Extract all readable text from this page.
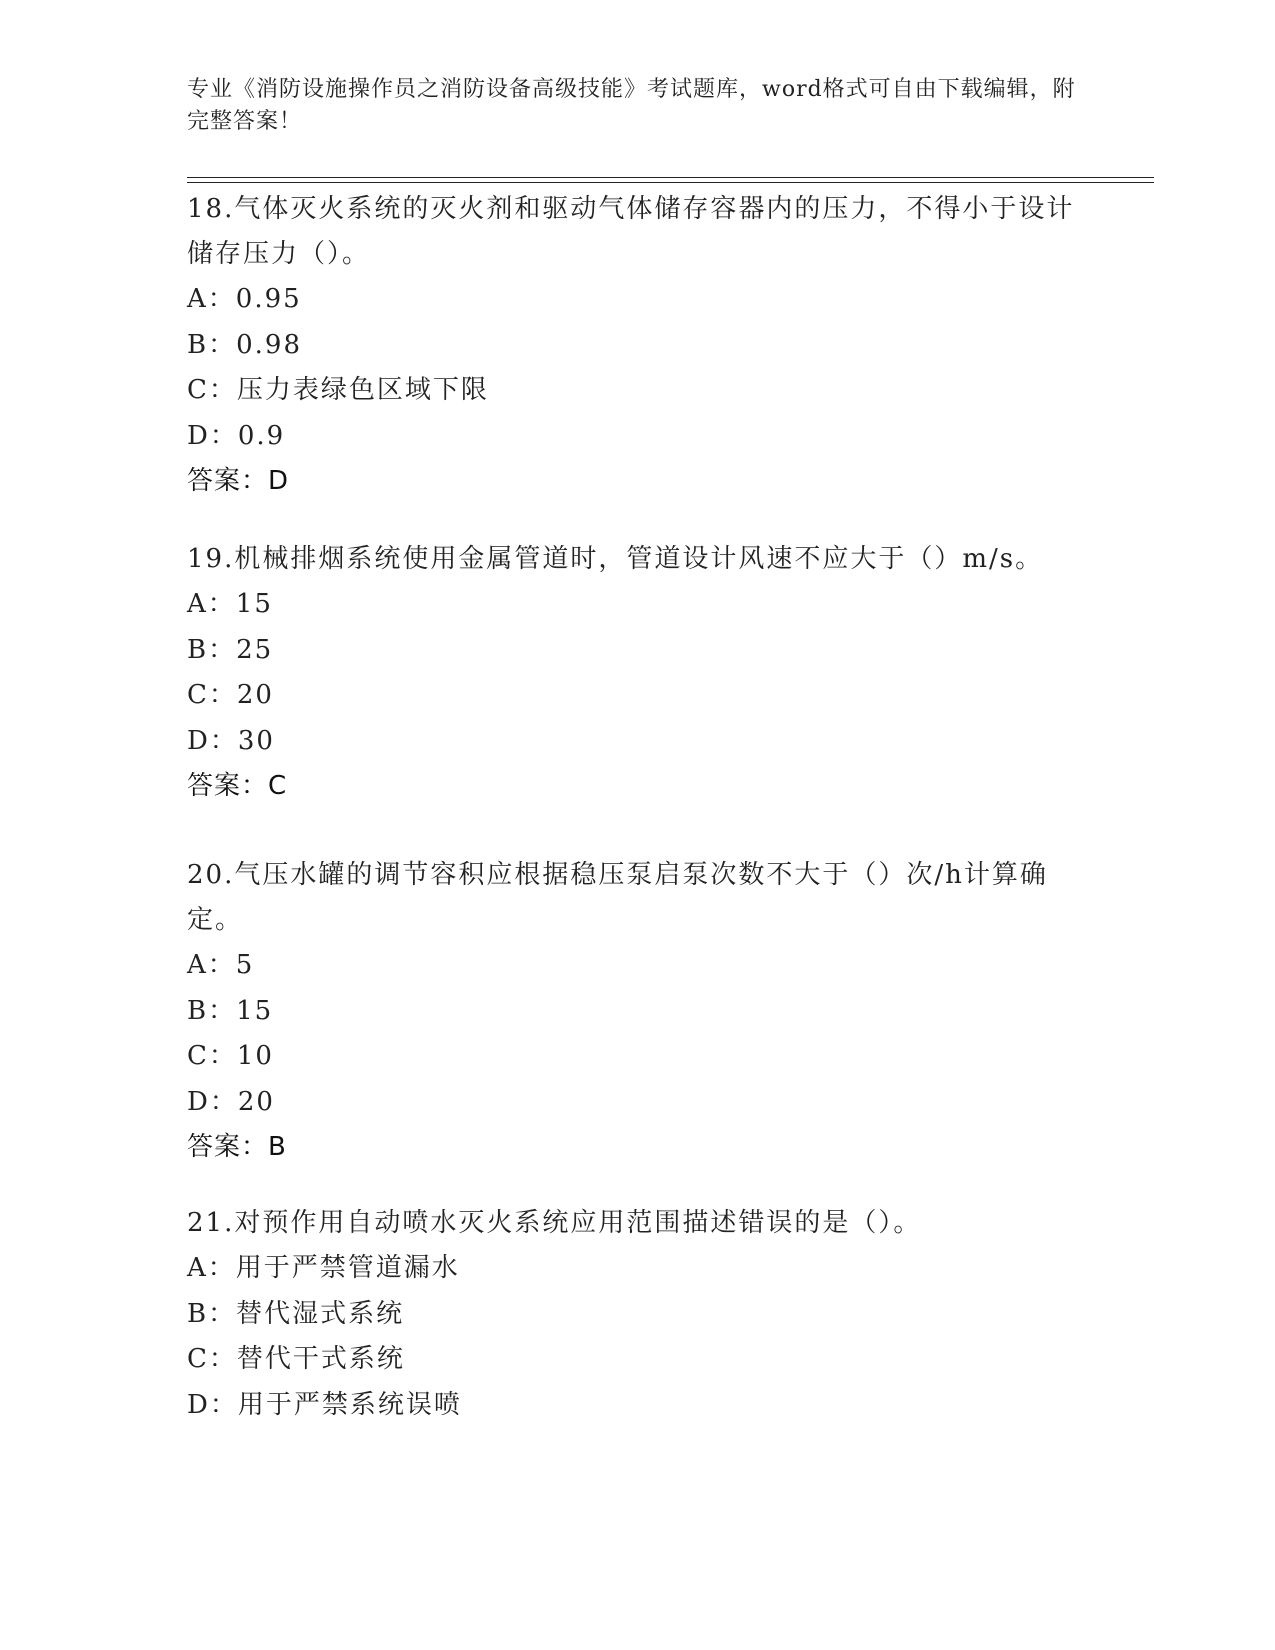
专业《消防设施操作员之消防设备高级技能》考试题库，word格式可自由下载编辑，附完整答案！

18.气体灭火系统的灭火剂和驱动气体储存容器内的压力，不得小于设计储存压力（）。

A：0.95

B：0.98

C：压力表绿色区域下限

D：0.9

答案：D

19.机械排烟系统使用金属管道时，管道设计风速不应大于（）m/s。

A：15

B：25

C：20

D：30

答案：C

20.气压水罐的调节容积应根据稳压泵启泵次数不大于（）次/h计算确定。

A：5

B：15

C：10

D：20

答案：B

21.对预作用自动喷水灭火系统应用范围描述错误的是（）。

A：用于严禁管道漏水

B：替代湿式系统

C：替代干式系统

D：用于严禁系统误喷
